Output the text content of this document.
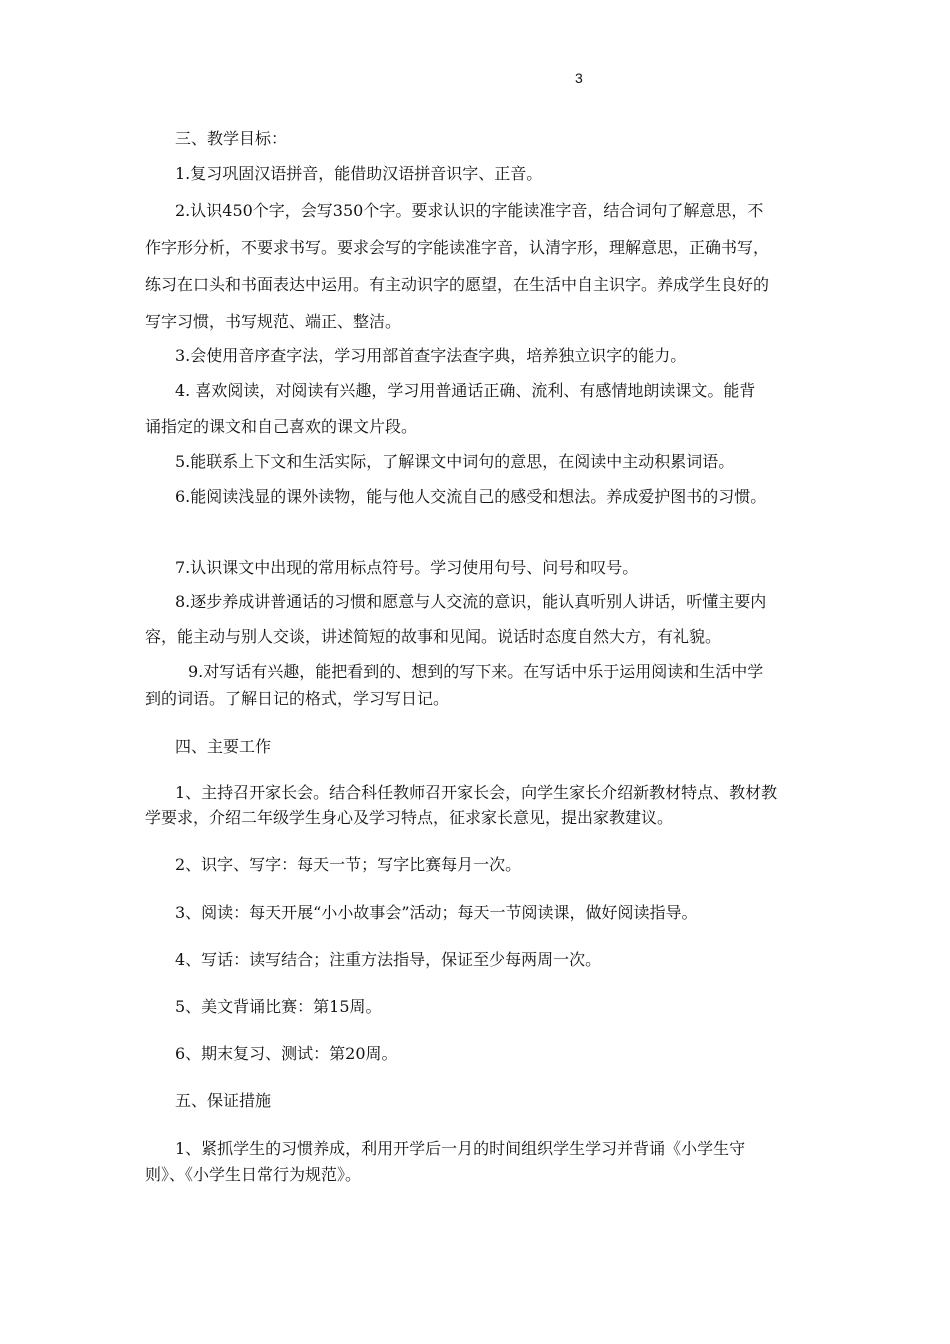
3
三、教学目标：
1.复习巩固汉语拼音，能借助汉语拼音识字、正音。
2.认识450个字，会写350个字。要求认识的字能读准字音，结合词句了解意思，不
作字形分析，不要求书写。要求会写的字能读准字音，认清字形，理解意思，正确书写，
练习在口头和书面表达中运用。有主动识字的愿望，在生活中自主识字。养成学生良好的
写字习惯，书写规范、端正、整洁。
3.会使用音序查字法，学习用部首查字法查字典，培养独立识字的能力。
4. 喜欢阅读，对阅读有兴趣，学习用普通话正确、流利、有感情地朗读课文。能背
诵指定的课文和自己喜欢的课文片段。
5.能联系上下文和生活实际，了解课文中词句的意思，在阅读中主动积累词语。
6.能阅读浅显的课外读物，能与他人交流自己的感受和想法。养成爱护图书的习惯。
7.认识课文中出现的常用标点符号。学习使用句号、问号和叹号。
8.逐步养成讲普通话的习惯和愿意与人交流的意识，能认真听别人讲话，听懂主要内
容，能主动与别人交谈，讲述简短的故事和见闻。说话时态度自然大方，有礼貌。
9.对写话有兴趣，能把看到的、想到的写下来。在写话中乐于运用阅读和生活中学
到的词语。了解日记的格式，学习写日记。
四、主要工作
1、主持召开家长会。结合科任教师召开家长会，向学生家长介绍新教材特点、教材教
学要求，介绍二年级学生身心及学习特点，征求家长意见，提出家教建议。
2、识字、写字：每天一节；写字比赛每月一次。
3、阅读：每天开展“小小故事会”活动；每天一节阅读课，做好阅读指导。
4、写话：读写结合；注重方法指导，保证至少每两周一次。
5、美文背诵比赛：第15周。
6、期末复习、测试：第20周。
五、保证措施
1、紧抓学生的习惯养成，利用开学后一月的时间组织学生学习并背诵《小学生守
则》、《小学生日常行为规范》。
